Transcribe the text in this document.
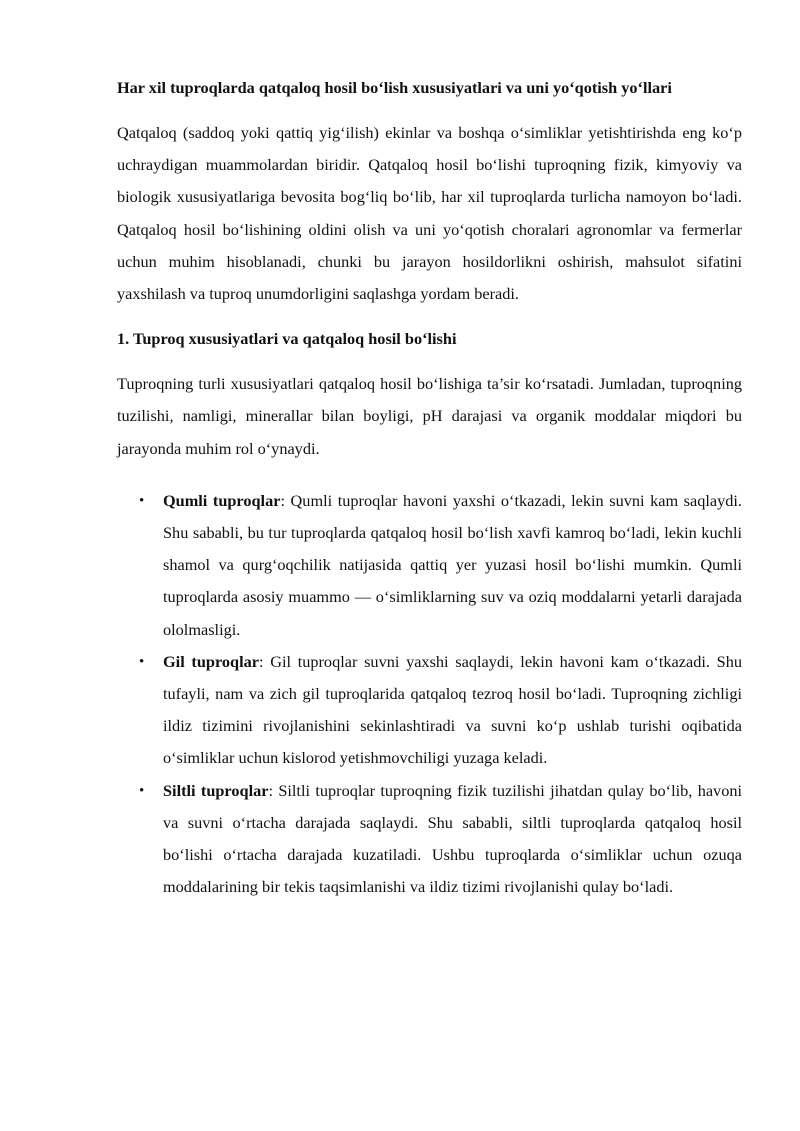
Har xil tuproqlarda qatqaloq hosil bo‘lish xususiyatlari va uni yo‘qotish yo‘llari

Qatqaloq (saddoq yoki qattiq yig‘ilish) ekinlar va boshqa o‘simliklar yetishtirishda eng ko‘p uchraydigan muammolardan biridir. Qatqaloq hosil bo‘lishi tuproqning fizik, kimyoviy va biologik xususiyatlariga bevosita bog‘liq bo‘lib, har xil tuproqlarda turlicha namoyon bo‘ladi. Qatqaloq hosil bo‘lishining oldini olish va uni yo‘qotish choralari agronomlar va fermerlar uchun muhim hisoblanadi, chunki bu jarayon hosildorlikni oshirish, mahsulot sifatini yaxshilash va tuproq unumdorligini saqlashga yordam beradi.

1. Tuproq xususiyatlari va qatqaloq hosil bo‘lishi

Tuproqning turli xususiyatlari qatqaloq hosil bo‘lishiga ta’sir ko‘rsatadi. Jumladan, tuproqning tuzilishi, namligi, minerallar bilan boyligi, pH darajasi va organik moddalar miqdori bu jarayonda muhim rol o‘ynaydi.

• Qumli tuproqlar: Qumli tuproqlar havoni yaxshi o‘tkazadi, lekin suvni kam saqlaydi. Shu sababli, bu tur tuproqlarda qatqaloq hosil bo‘lish xavfi kamroq bo‘ladi, lekin kuchli shamol va qurg‘oqchilik natijasida qattiq yer yuzasi hosil bo‘lishi mumkin. Qumli tuproqlarda asosiy muammo — o‘simliklarning suv va oziq moddalarni yetarli darajada ololmasligi.
• Gil tuproqlar: Gil tuproqlar suvni yaxshi saqlaydi, lekin havoni kam o‘tkazadi. Shu tufayli, nam va zich gil tuproqlarida qatqaloq tezroq hosil bo‘ladi. Tuproqning zichligi ildiz tizimini rivojlanishini sekinlashtiradi va suvni ko‘p ushlab turishi oqibatida o‘simliklar uchun kislorod yetishmovchiligi yuzaga keladi.
• Siltli tuproqlar: Siltli tuproqlar tuproqning fizik tuzilishi jihatdan qulay bo‘lib, havoni va suvni o‘rtacha darajada saqlaydi. Shu sababli, siltli tuproqlarda qatqaloq hosil bo‘lishi o‘rtacha darajada kuzatiladi. Ushbu tuproqlarda o‘simliklar uchun ozuqa moddalarining bir tekis taqsimlanishi va ildiz tizimi rivojlanishi qulay bo‘ladi.
